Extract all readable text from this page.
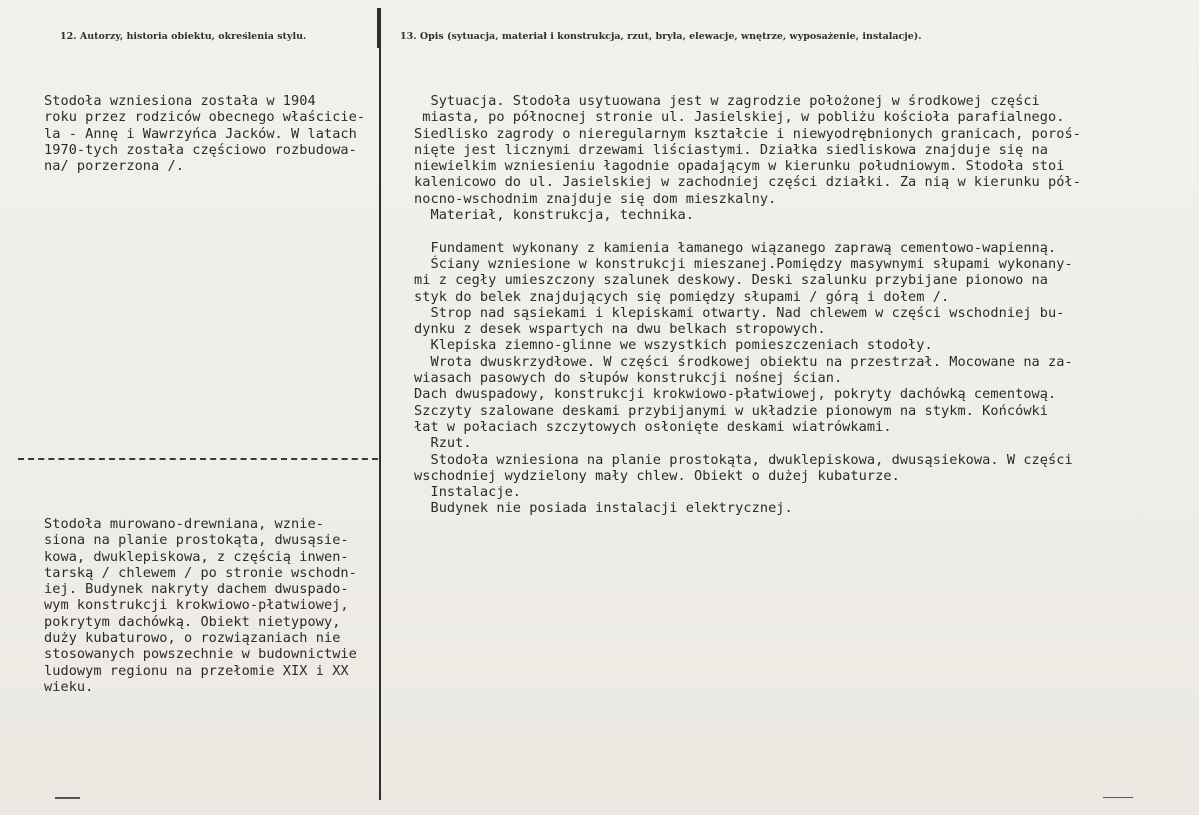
12. Autorzy, historia obiektu, określenia stylu.	13. Opis (sytuacja, materiał i konstrukcja, rzut, bryła, elewacje, wnętrze, wyposażenie, instalacje).
Stodoła wzniesiona została w 1904
roku przez rodziców obecnego właścicie-
la - Annę i Wawrzyńca Jacków. W latach
1970-tych została częściowo rozbudowa-
na/ porzerzona /.
Stodoła murowano-drewniana, wznie-
siona na planie prostokąta, dwusąsie-
kowa, dwuklepiskowa, z częścią inwen-
tarską / chlewem / po stronie wschodn-
iej. Budynek nakryty dachem dwuspado-
wym konstrukcji krokwiowo-płatwiowej,
pokrytym dachówką. Obiekt nietypowy,
duży kubaturowo, o rozwiązaniach nie
stosowanych powszechnie w budownictwie
ludowym regionu na przełomie XIX i XX
wieku.
Sytuacja. Stodoła usytuowana jest w zagrodzie położonej w środkowej części
miasta, po północnej stronie ul. Jasielskiej, w pobliżu kościoła parafialnego.
Siedlisko zagrody o nieregularnym kształcie i niewyodrębnionych granicach, poroś-
nięte jest licznymi drzewami liściastymi. Działka siedliskowa znajduje się na
niewielkim wzniesieniu łagodnie opadającym w kierunku południowym. Stodoła stoi
kalenicowo do ul. Jasielskiej w zachodniej części działki. Za nią w kierunku pół-
nocno-wschodnim znajduje się dom mieszkalny.
Materiał, konstrukcja, technika.

Fundament wykonany z kamienia łamanego wiązanego zaprawą cementowo-wapienną.
Ściany wzniesione w konstrukcji mieszanej.Pomiędzy masywnymi słupami wykonany-
mi z cegły umieszczony szalunek deskowy. Deski szalunku przybijane pionowo na
styk do belek znajdujących się pomiędzy słupami / górą i dołem /.
Strop nad sąsiekami i klepiskami otwarty. Nad chlewem w części wschodniej bu-
dynku z desek wspartych na dwu belkach stropowych.
Klepiska ziemno-glinne we wszystkich pomieszczeniach stodoły.
Wrota dwuskrzydłowe. W części środkowej obiektu na przestrzał. Mocowane na za-
wiasach pasowych do słupów konstrukcji nośnej ścian.
Dach dwuspadowy, konstrukcji krokwiowo-płatwiowej, pokryty dachówką cementową.
Szczyty szalowane deskami przybijanymi w układzie pionowym na stykm. Końcówki
łat w połaciach szczytowych osłonięte deskami wiatrówkami.
Rzut.
Stodoła wzniesiona na planie prostokąta, dwuklepiskowa, dwusąsiekowa. W części
wschodniej wydzielony mały chlew. Obiekt o dużej kubaturze.
Instalacje.
Budynek nie posiada instalacji elektrycznej.
